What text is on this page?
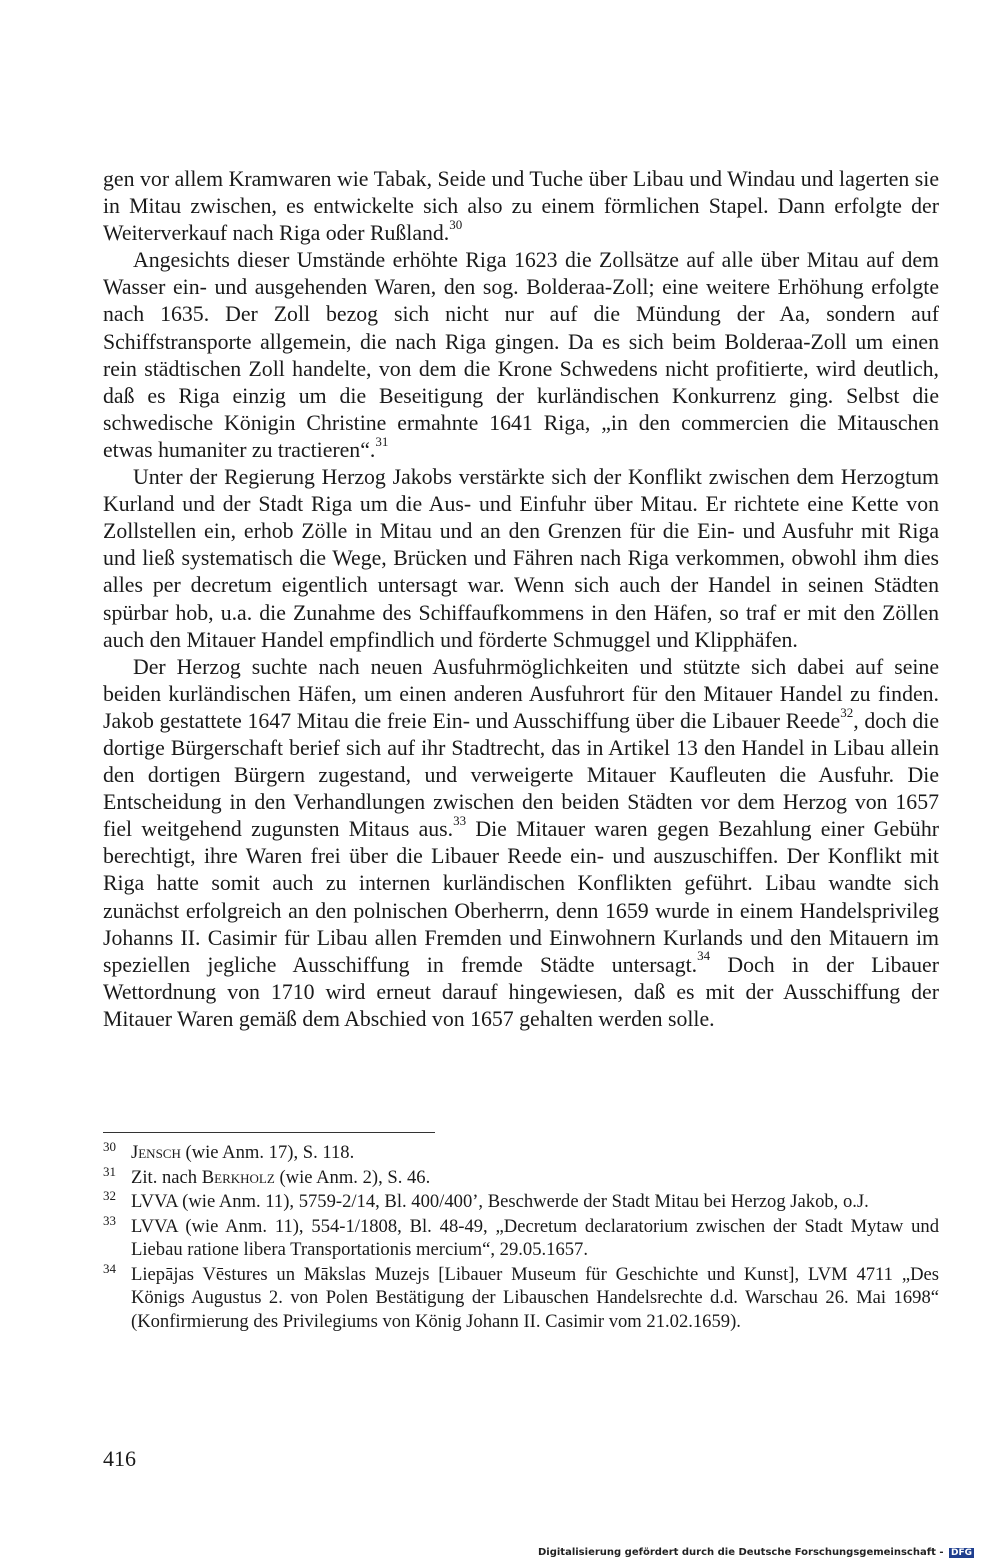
gen vor allem Kramwaren wie Tabak, Seide und Tuche über Libau und Windau und lagerten sie in Mitau zwischen, es entwickelte sich also zu einem förmlichen Stapel. Dann erfolgte der Weiterverkauf nach Riga oder Rußland.$^{30}$

Angesichts dieser Umstände erhöhte Riga 1623 die Zollsätze auf alle über Mitau auf dem Wasser ein- und ausgehenden Waren, den sog. Bolderaa-Zoll; eine weitere Erhöhung erfolgte nach 1635. Der Zoll bezog sich nicht nur auf die Mündung der Aa, sondern auf Schiffstransporte allgemein, die nach Riga gingen. Da es sich beim Bolderaa-Zoll um einen rein städtischen Zoll handelte, von dem die Krone Schwedens nicht profitierte, wird deutlich, daß es Riga einzig um die Beseitigung der kurländischen Konkurrenz ging. Selbst die schwedische Königin Christine ermahnte 1641 Riga, „in den commercien die Mitauschen etwas humaniter zu tractieren“.$^{31}$

Unter der Regierung Herzog Jakobs verstärkte sich der Konflikt zwischen dem Herzogtum Kurland und der Stadt Riga um die Aus- und Einfuhr über Mitau. Er richtete eine Kette von Zollstellen ein, erhob Zölle in Mitau und an den Grenzen für die Ein- und Ausfuhr mit Riga und ließ systematisch die Wege, Brücken und Fähren nach Riga verkommen, obwohl ihm dies alles per decretum eigentlich untersagt war. Wenn sich auch der Handel in seinen Städten spürbar hob, u.a. die Zunahme des Schiffaufkommens in den Häfen, so traf er mit den Zöllen auch den Mitauer Handel empfindlich und förderte Schmuggel und Klipphäfen.

Der Herzog suchte nach neuen Ausfuhrmöglichkeiten und stützte sich dabei auf seine beiden kurländischen Häfen, um einen anderen Ausfuhrort für den Mitauer Handel zu finden. Jakob gestattete 1647 Mitau die freie Ein- und Ausschiffung über die Libauer Reede$^{32}$, doch die dortige Bürgerschaft berief sich auf ihr Stadtrecht, das in Artikel 13 den Handel in Libau allein den dortigen Bürgern zugestand, und verweigerte Mitauer Kaufleuten die Ausfuhr. Die Entscheidung in den Verhandlungen zwischen den beiden Städten vor dem Herzog von 1657 fiel weitgehend zugunsten Mitaus aus.$^{33}$ Die Mitauer waren gegen Bezahlung einer Gebühr berechtigt, ihre Waren frei über die Libauer Reede ein- und auszuschiffen. Der Konflikt mit Riga hatte somit auch zu internen kurländischen Konflikten geführt. Libau wandte sich zunächst erfolgreich an den polnischen Oberherrn, denn 1659 wurde in einem Handelsprivileg Johanns II. Casimir für Libau allen Fremden und Einwohnern Kurlands und den Mitauern im speziellen jegliche Ausschiffung in fremde Städte untersagt.$^{34}$ Doch in der Libauer Wettordnung von 1710 wird erneut darauf hingewiesen, daß es mit der Ausschiffung der Mitauer Waren gemäß dem Abschied von 1657 gehalten werden solle.

30 Jensch (wie Anm. 17), S. 118.
31 Zit. nach Berkholz (wie Anm. 2), S. 46.
32 LVVA (wie Anm. 11), 5759-2/14, Bl. 400/400’, Beschwerde der Stadt Mitau bei Herzog Jakob, o.J.
33 LVVA (wie Anm. 11), 554-1/1808, Bl. 48-49, „Decretum declaratorium zwischen der Stadt Mytaw und Liebau ratione libera Transportationis mercium“, 29.05.1657.
34 Liepājas Vēstures un Mākslas Muzejs [Libauer Museum für Geschichte und Kunst], LVM 4711 „Des Königs Augustus 2. von Polen Bestätigung der Libauschen Handelsrechte d.d. Warschau 26. Mai 1698“ (Konfirmierung des Privilegiums von König Johann II. Casimir vom 21.02.1659).
416
Digitalisierung gefördert durch die Deutsche Forschungsgemeinschaft - DFG
